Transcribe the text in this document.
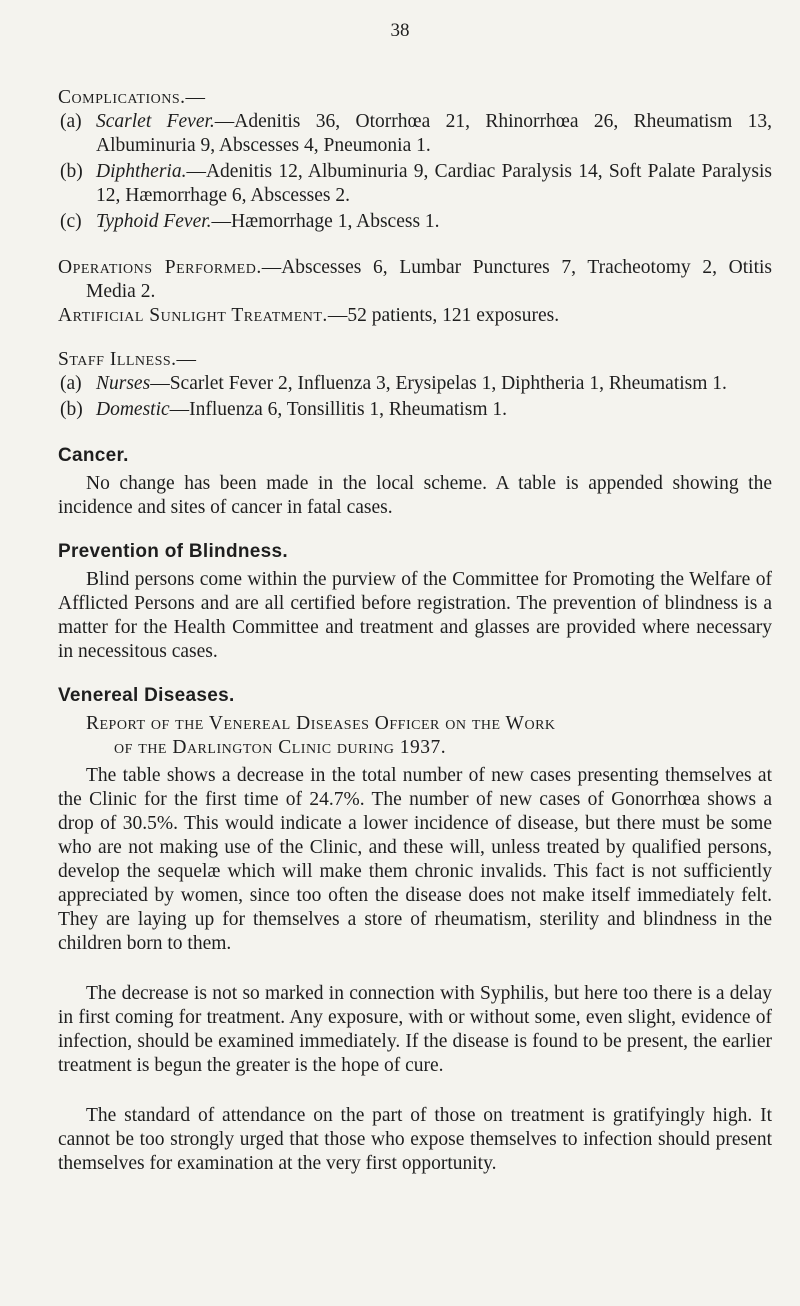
38

Complications.—

(a) Scarlet Fever.—Adenitis 36, Otorrhœa 21, Rhinorrhœa 26, Rheumatism 13, Albuminuria 9, Abscesses 4, Pneumonia 1.
(b) Diphtheria.—Adenitis 12, Albuminuria 9, Cardiac Paralysis 14, Soft Palate Paralysis 12, Hæmorrhage 6, Abscesses 2.
(c) Typhoid Fever.—Hæmorrhage 1, Abscess 1.

Operations Performed.—Abscesses 6, Lumbar Punctures 7, Tracheotomy 2, Otitis Media 2.

Artificial Sunlight Treatment.—52 patients, 121 exposures.

Staff Illness.—

(a) Nurses—Scarlet Fever 2, Influenza 3, Erysipelas 1, Diphtheria 1, Rheumatism 1.
(b) Domestic—Influenza 6, Tonsillitis 1, Rheumatism 1.
Cancer.

No change has been made in the local scheme. A table is appended showing the incidence and sites of cancer in fatal cases.

Prevention of Blindness.

Blind persons come within the purview of the Committee for Promoting the Welfare of Afflicted Persons and are all certified before registration. The prevention of blindness is a matter for the Health Committee and treatment and glasses are provided where necessary in necessitous cases.

Venereal Diseases.

Report of the Venereal Diseases Officer on the Work
of the Darlington Clinic during 1937.

The table shows a decrease in the total number of new cases presenting themselves at the Clinic for the first time of 24.7%. The number of new cases of Gonorrhœa shows a drop of 30.5%. This would indicate a lower incidence of disease, but there must be some who are not making use of the Clinic, and these will, unless treated by qualified persons, develop the sequelæ which will make them chronic invalids. This fact is not sufficiently appreciated by women, since too often the disease does not make itself immediately felt. They are laying up for themselves a store of rheumatism, sterility and blindness in the children born to them.

The decrease is not so marked in connection with Syphilis, but here too there is a delay in first coming for treatment. Any exposure, with or without some, even slight, evidence of infection, should be examined immediately. If the disease is found to be present, the earlier treatment is begun the greater is the hope of cure.

The standard of attendance on the part of those on treatment is gratifyingly high. It cannot be too strongly urged that those who expose themselves to infection should present themselves for examination at the very first opportunity.
